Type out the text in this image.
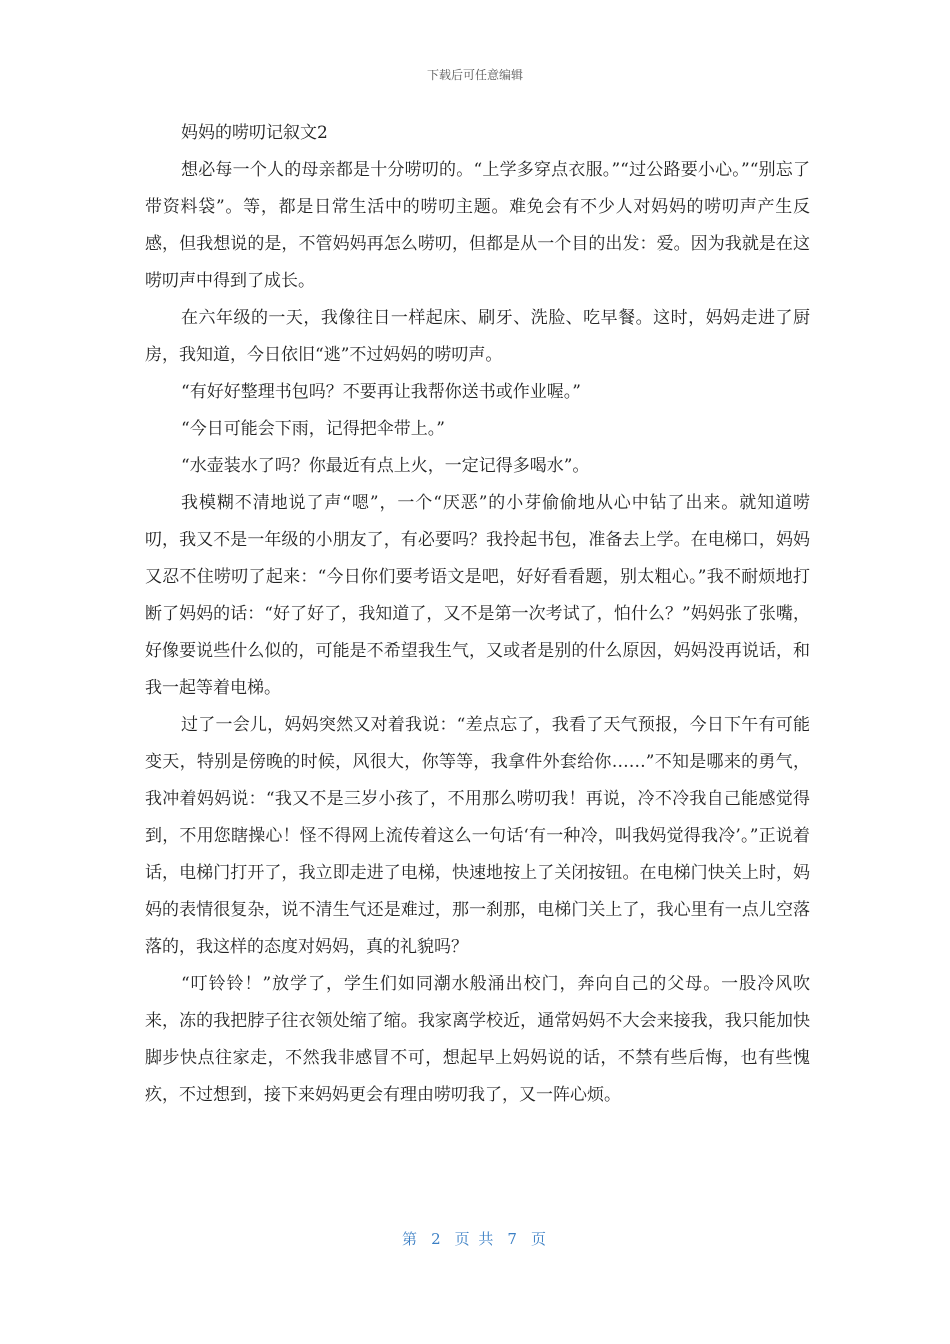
下载后可任意编辑
妈妈的唠叨记叙文2

想必每一个人的母亲都是十分唠叨的。“上学多穿点衣服。”“过公路要小心。”“别忘了带资料袋”。等，都是日常生活中的唠叨主题。难免会有不少人对妈妈的唠叨声产生反感，但我想说的是，不管妈妈再怎么唠叨，但都是从一个目的出发：爱。因为我就是在这唠叨声中得到了成长。

在六年级的一天，我像往日一样起床、刷牙、洗脸、吃早餐。这时，妈妈走进了厨房，我知道，今日依旧“逃”不过妈妈的唠叨声。

“有好好整理书包吗？不要再让我帮你送书或作业喔。”

“今日可能会下雨，记得把伞带上。”

“水壶装水了吗？你最近有点上火，一定记得多喝水”。

我模糊不清地说了声“嗯”，一个“厌恶”的小芽偷偷地从心中钻了出来。就知道唠叨，我又不是一年级的小朋友了，有必要吗？我拎起书包，准备去上学。在电梯口，妈妈又忍不住唠叨了起来：“今日你们要考语文是吧，好好看看题，别太粗心。”我不耐烦地打断了妈妈的话：“好了好了，我知道了，又不是第一次考试了，怕什么？”妈妈张了张嘴，好像要说些什么似的，可能是不希望我生气，又或者是别的什么原因，妈妈没再说话，和我一起等着电梯。

过了一会儿，妈妈突然又对着我说：“差点忘了，我看了天气预报，今日下午有可能变天，特别是傍晚的时候，风很大，你等等，我拿件外套给你……”不知是哪来的勇气，我冲着妈妈说：“我又不是三岁小孩了，不用那么唠叨我！再说，冷不冷我自己能感觉得到，不用您瞎操心！怪不得网上流传着这么一句话‘有一种冷，叫我妈觉得我冷’。”正说着话，电梯门打开了，我立即走进了电梯，快速地按上了关闭按钮。在电梯门快关上时，妈妈的表情很复杂，说不清生气还是难过，那一刹那，电梯门关上了，我心里有一点儿空落落的，我这样的态度对妈妈，真的礼貌吗？

“叮铃铃！”放学了，学生们如同潮水般涌出校门，奔向自己的父母。一股冷风吹来，冻的我把脖子往衣领处缩了缩。我家离学校近，通常妈妈不大会来接我，我只能加快脚步快点往家走，不然我非感冒不可，想起早上妈妈说的话，不禁有些后悔，也有些愧疚，不过想到，接下来妈妈更会有理由唠叨我了，又一阵心烦。

第 2 页 共 7 页
